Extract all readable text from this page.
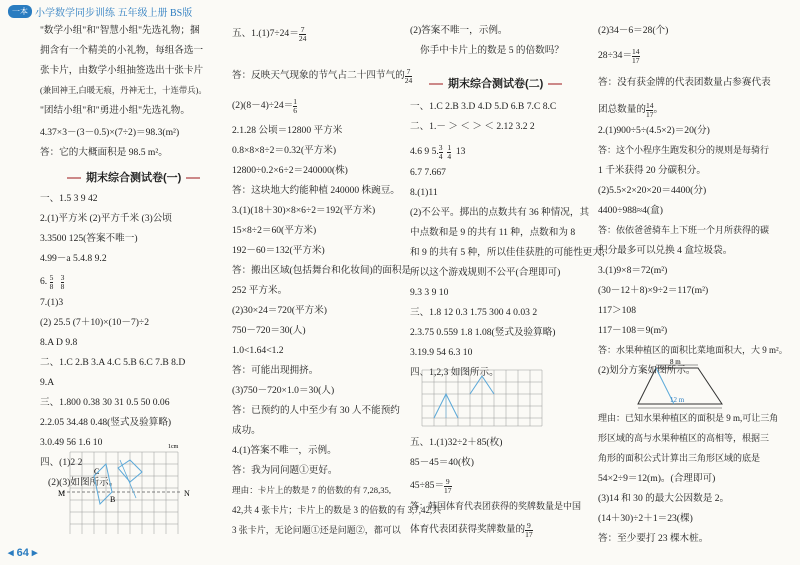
一本 小学数学同步训练 五年级上册 BS版

"数学小组"和"智慧小组"先选礼物；捆

拥含有一个精美的小礼物，每组各选一

张卡片，由数学小组抽签选出十张卡片

(兼回神王,白暖无痕，丹神无士，十连带兵)。

"团结小组"和"勇进小组"先选礼物。

4.37×3－(3－0.5)×(7÷2)＝98.3(m²)

答：它的大概面积是 98.5 m²。

期末综合测试卷(一)

一、1.5 3 9 42

2.(1)平方米 (2)平方千米 (3)公顷

3.3500 125(答案不唯一)

4.99－a 5.4.8 9.2

6. $\frac{5}{8}$
$\frac{3}{8}$

7.(1)3

(2) 25.5 (7＋10)×(10－7)÷2

8.A D 9.8

二、1.C 2.B 3.A 4.C 5.B 6.C 7.B 8.D

9.A

三、1.800 0.38 30 31 0.5 50 0.06

2.2.05 34.48 0.48(竖式及验算略)

3.0.49 56 1.6 10

四、(1)2 2

(2)(3)如图所示。

C
B
M	N
1cm

五、$1.(1)7\div 24= \frac{7}{24}$

答：反映天气现象的节气占二十四节气的 $\frac{7}{24}$

$(2)(8-4)\div 24= \frac{1}{6}$

2.1.28 公顷＝12800 平方米

0.8×8×8÷2＝0.32(平方米)

12800÷0.2×6÷2＝240000(株)

答：这块地大约能种植 240000 株豌豆。

3.(1)(18＋30)×8×6÷2＝192(平方米)

15×8÷2＝60(平方米)

192－60＝132(平方米)

答：搬出区域(包括舞台和化妆间)的面积是

252 平方米。

(2)30×24＝720(平方米)

750－720＝30(人)

1.0<1.64<1.2

答：可能出现拥挤。

(3)750－720×1.0＝30(人)

答：已预约的人中至少有 30 人不能预约

成功。

4.(1)答案不唯一，示例。

答：我为同问题①更好。

理由：卡片上的数是 7 的倍数的有 7,28,35,

42,共 4 张卡片；卡片上的数是 3 的倍数的有 3,7,42,共

3 张卡片，无论问题①还是问题②，都可以

(2)答案不唯一，示例。

你手中卡片上的数是 5 的倍数吗？

期末综合测试卷(二)

一、1.C 2.B 3.D 4.D 5.D 6.B 7.C 8.C

二、1.－ ＞ ＜ ＞ ＜ 2.12 3.2 2

4.6 9 5. $\frac{3}{4}$
$\frac{1}{4} 13$

6.7 7.667

8.(1)11

(2)不公平。掷出的点数共有 36 种情况，其

中点数和是 9 的共有 11 种，点数和为 8

和 9 的共有 5 种，所以佳佳获胜的可能性更大，

所以这个游戏规则不公平(合理即可)

9.3 3 9 10

三、1.8 12 0.3 1.75 300 4 0.03 2

2.3.75 0.559 1.8 1.08(竖式及验算略)

3.19.9 54 6.3 10

四、1,2,3 如图所示。

五、1.(1)32÷2＋85(枚)

85－45＝40(枚)

$45\div 85= \frac{9}{17}$

答：韩国体育代表团获得的奖牌数量是中国

体育代表团获得奖牌数量的 $\frac{9}{17}$

(2)34－6＝28(个)

$28\div 34= \frac{14}{17}$

答：没有获金牌的代表团数量占参赛代表

团总数量的 $\frac{14}{17}$ 。

2.(1)900÷5÷(4.5×2)＝20(分)

答：这个小程序生跑发积分的规则是每骑行

1 千米获得 20 分碳积分。

(2)5.5×2×20×20＝4400(分)

4400÷988≈4(盒)

答：依依爸爸骑车上下班一个月所获得的碳

积分最多可以兑换 4 盒垃圾袋。

3.(1)9×8＝72(m²)

(30－12＋8)×9÷2＝117(m²)

117＞108

117－108＝9(m²)

答：水果种植区的面积比菜地面积大，大 9 m²。

(2)划分方案如图所示。

理由：已知水果种植区的面积是 9 m,可让三角

形区域的高与水果种植区的高相等，根据三

角形的面积公式计算出三角形区域的底是

54×2÷9＝12(m)。(合理即可)

(3)14 和 30 的最大公因数是 2。

(14＋30)÷2＋1＝23(棵)

答：至少要打 23 棵木桩。

8 m
12 m
◂ 64 ▸
